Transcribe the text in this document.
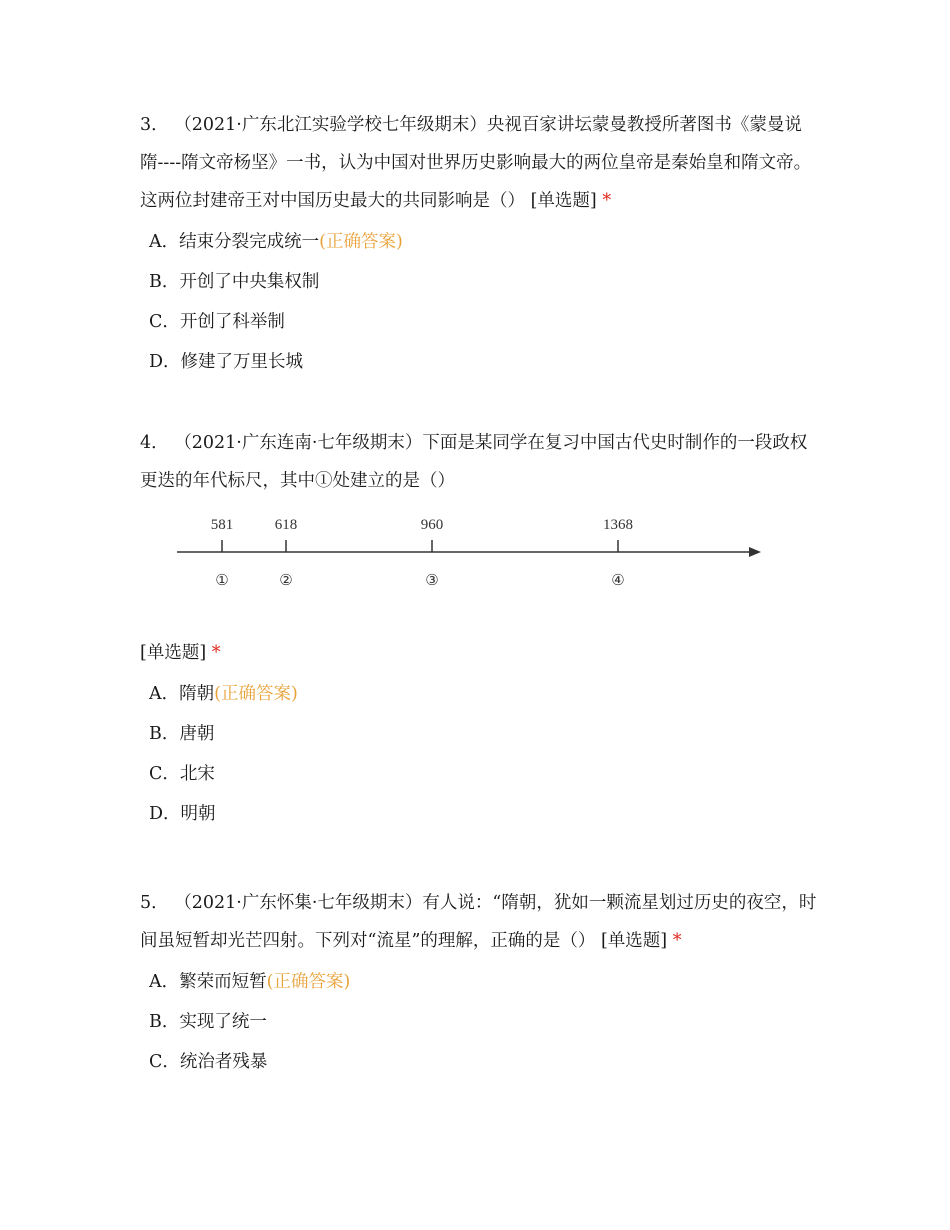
3． （2021·广东北江实验学校七年级期末）央视百家讲坛蒙曼教授所著图书《蒙曼说隋----隋文帝杨坚》一书，认为中国对世界历史影响最大的两位皇帝是秦始皇和隋文帝。这两位封建帝王对中国历史最大的共同影响是（） [单选题] *

A．结束分裂完成统一(正确答案)
B．开创了中央集权制
C．开创了科举制
D．修建了万里长城

4． （2021·广东连南·七年级期末）下面是某同学在复习中国古代史时制作的一段政权更迭的年代标尺，其中①处建立的是（）

581
①
618
②
960
③
1368
④

[单选题] *

A．隋朝(正确答案)
B．唐朝
C．北宋
D．明朝

5． （2021·广东怀集·七年级期末）有人说：“隋朝，犹如一颗流星划过历史的夜空，时间虽短暂却光芒四射。下列对“流星”的理解，正确的是（） [单选题] *

A．繁荣而短暂(正确答案)
B．实现了统一
C．统治者残暴
